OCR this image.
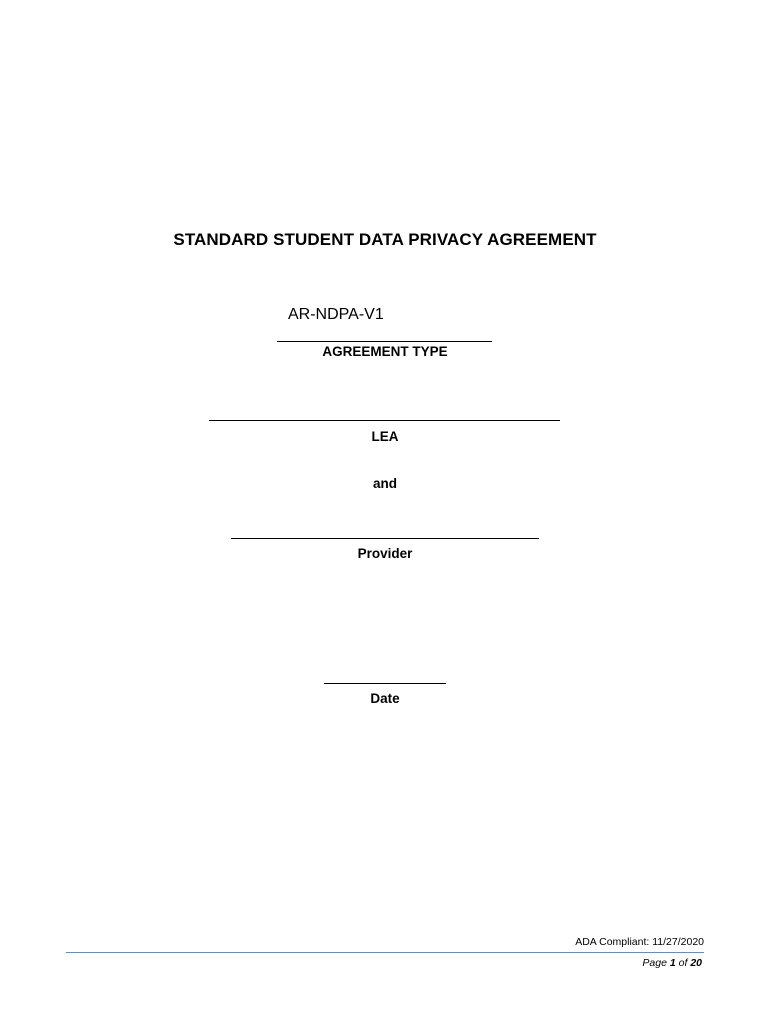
STANDARD STUDENT DATA PRIVACY AGREEMENT
AR-NDPA-V1
AGREEMENT TYPE
LEA
and
Provider
Date
ADA Compliant: 11/27/2020
Page 1 of 20
